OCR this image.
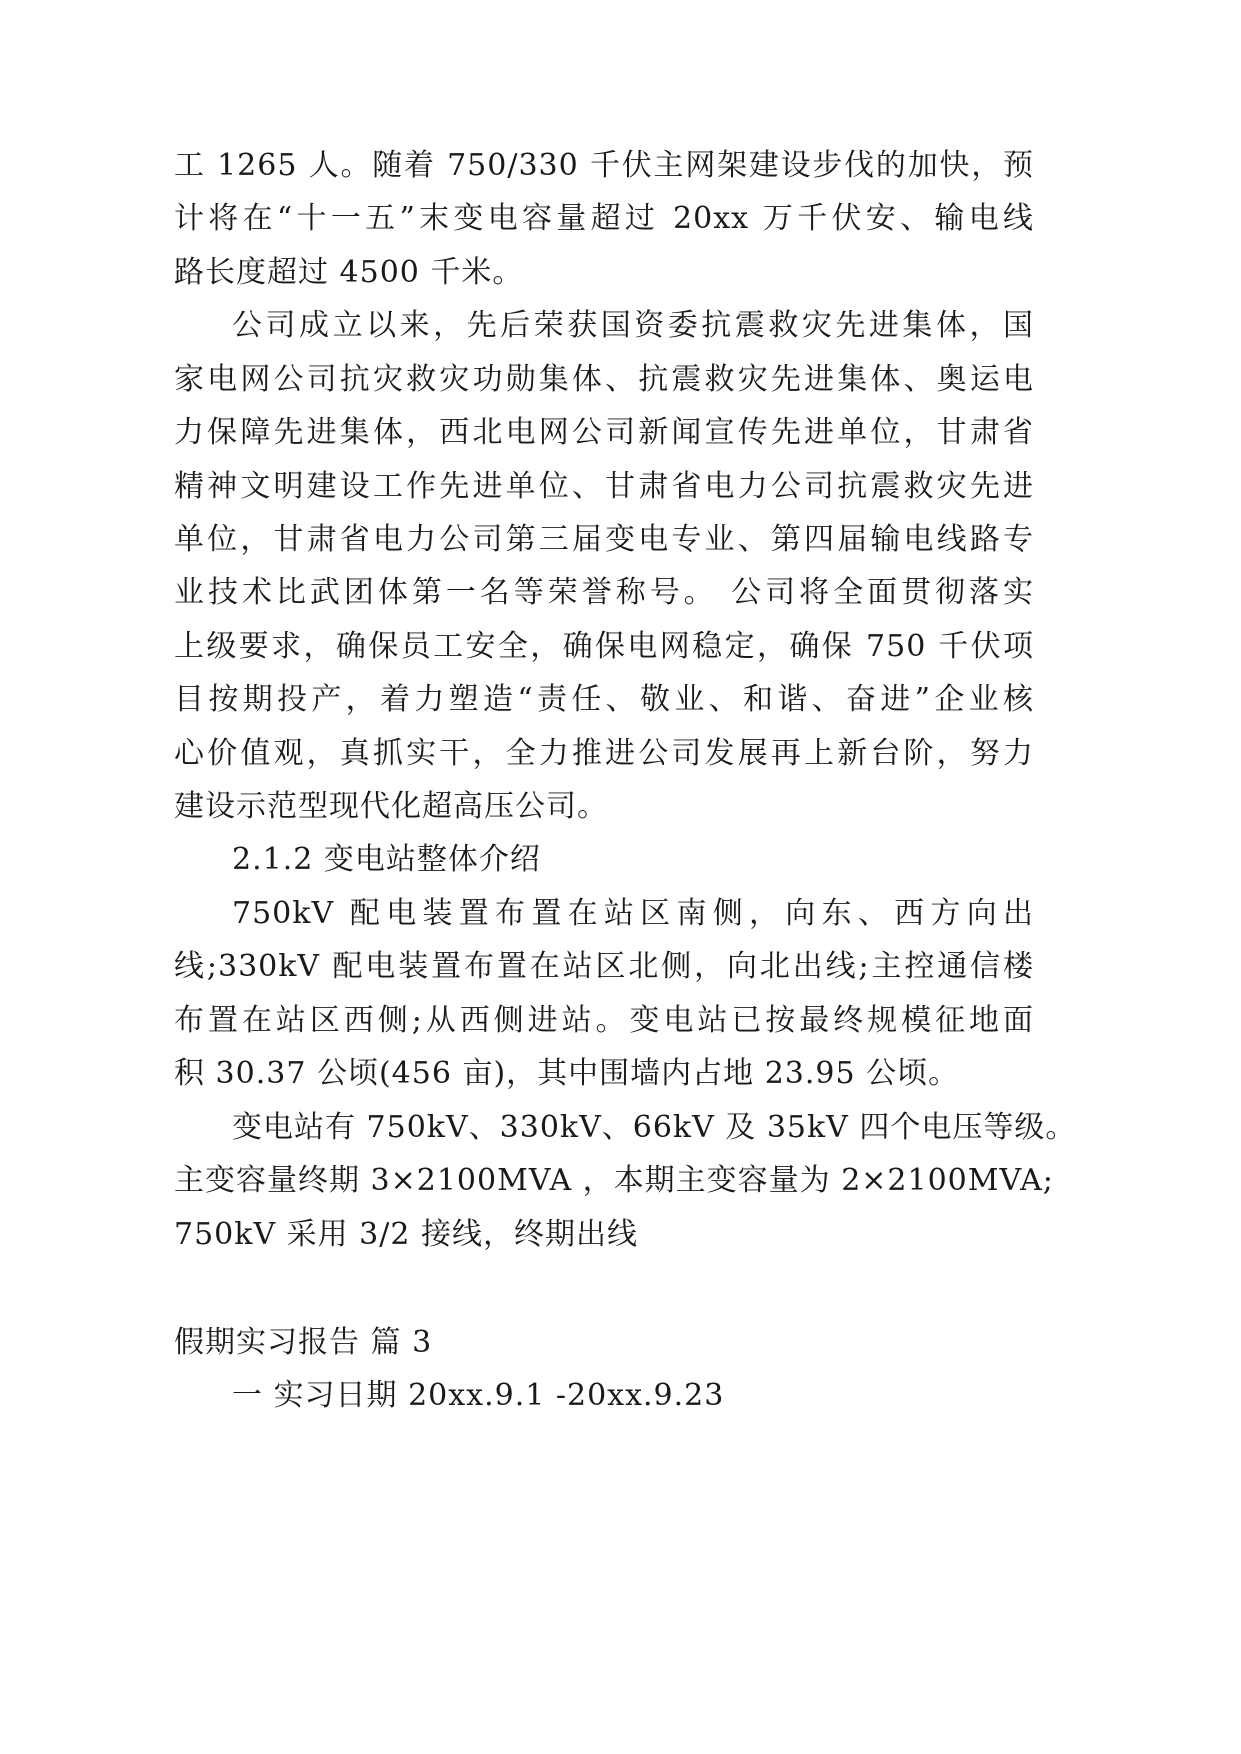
工 1265 人。随着 750/330 千伏主网架建设步伐的加快，预
计将在“十一五”末变电容量超过 20xx 万千伏安、输电线
路长度超过 4500 千米。
公司成立以来，先后荣获国资委抗震救灾先进集体，国
家电网公司抗灾救灾功勋集体、抗震救灾先进集体、奥运电
力保障先进集体，西北电网公司新闻宣传先进单位，甘肃省
精神文明建设工作先进单位、甘肃省电力公司抗震救灾先进
单位，甘肃省电力公司第三届变电专业、第四届输电线路专
业技术比武团体第一名等荣誉称号。 公司将全面贯彻落实
上级要求，确保员工安全，确保电网稳定，确保 750 千伏项
目按期投产，着力塑造“责任、敬业、和谐、奋进”企业核
心价值观，真抓实干，全力推进公司发展再上新台阶，努力
建设示范型现代化超高压公司。
2.1.2 变电站整体介绍
750kV 配电装置布置在站区南侧，向东、西方向出
线;330kV 配电装置布置在站区北侧，向北出线;主控通信楼
布置在站区西侧;从西侧进站。变电站已按最终规模征地面
积 30.37 公顷(456 亩)，其中围墙内占地 23.95 公顷。
变电站有 750kV、330kV、66kV 及 35kV 四个电压等级。
主变容量终期 3×2100MVA ，本期主变容量为 2×2100MVA;
750kV 采用 3/2 接线，终期出线
假期实习报告 篇 3
一 实习日期 20xx.9.1 -20xx.9.23
